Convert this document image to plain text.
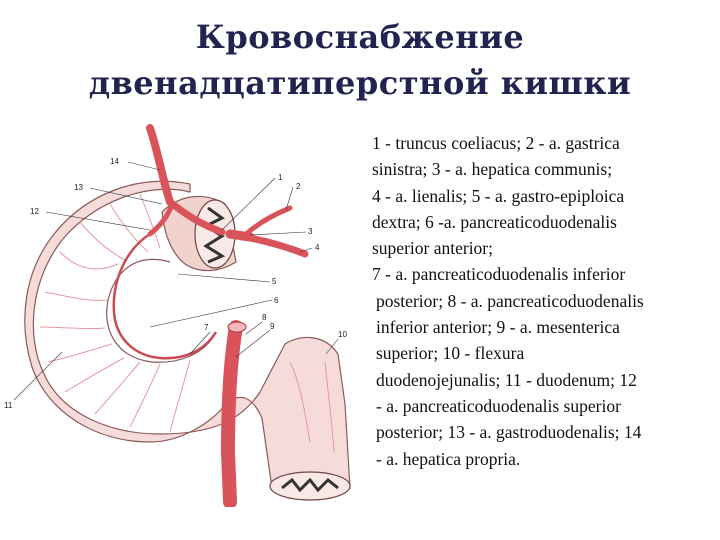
Кровоснабжение
двенадцатиперстной кишки
1
2
3
4
5
6
7
8
9
10
11
12
13
14
1 - truncus coeliacus; 2 - a. gastrica
sinistra; 3 - a. hepatica communis;
4 - a. lienalis; 5 - a. gastro-epiploica
dextra; 6 -a. pancreaticoduodenalis
superior anterior;
7 - a. pancreaticoduodenalis inferior
posterior; 8 - a. pancreaticoduodenalis
inferior anterior; 9 - a. mesenterica
superior; 10 - flexura
duodenojejunalis; 11 - duodenum; 12
- a. pancreaticoduodenalis superior
posterior; 13 - a. gastroduodenalis; 14
- a. hepatica propria.
